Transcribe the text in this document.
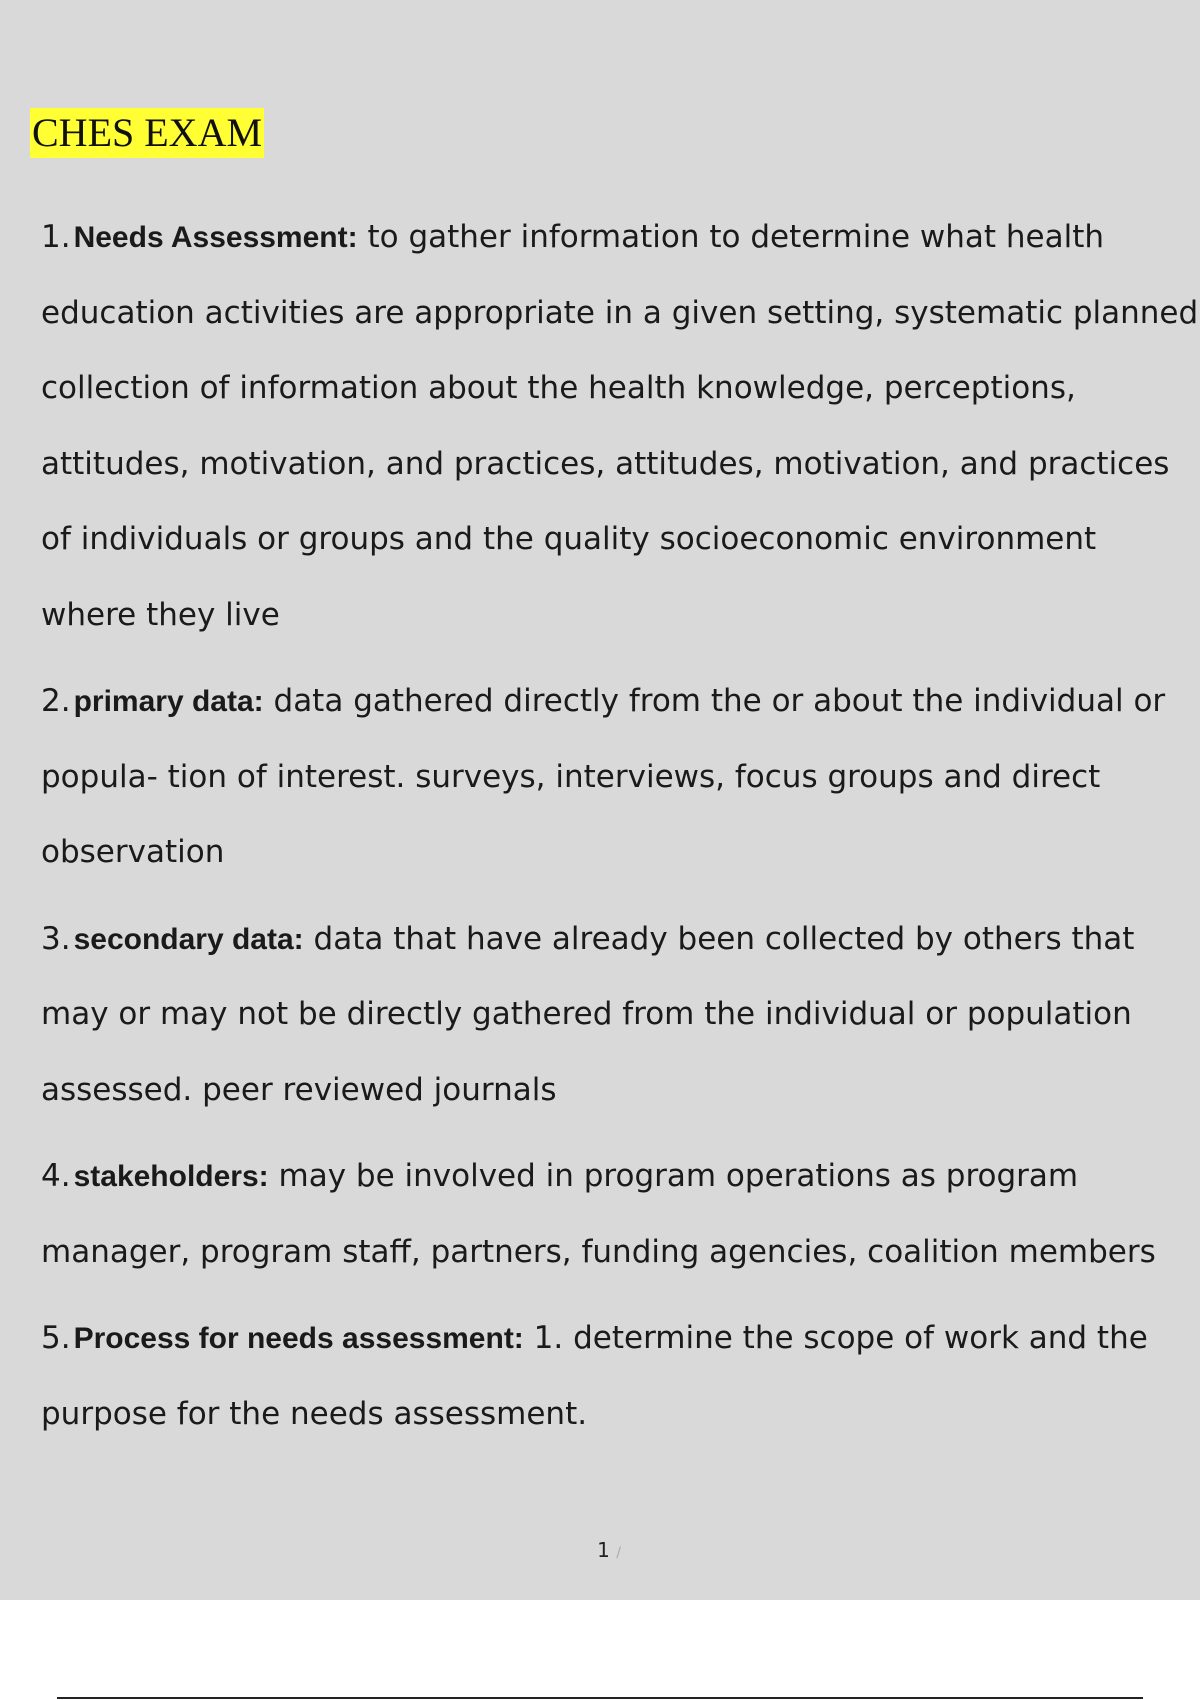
CHES EXAM
1. Needs Assessment: to gather information to determine what health education activities are appropriate in a given setting, systematic planned collection of information about the health knowledge, perceptions, attitudes, motivation, and practices, attitudes, motivation, and practices of individuals or groups and the quality socioeconomic environment where they live
2. primary data: data gathered directly from the or about the individual or popula- tion of interest. surveys, interviews, focus groups and direct observation
3. secondary data: data that have already been collected by others that may or may not be directly gathered from the individual or population assessed. peer reviewed journals
4. stakeholders: may be involved in program operations as program manager, program staff, partners, funding agencies, coalition members
5. Process for needs assessment: 1. determine the scope of work and the purpose for the needs assessment.
1 /
